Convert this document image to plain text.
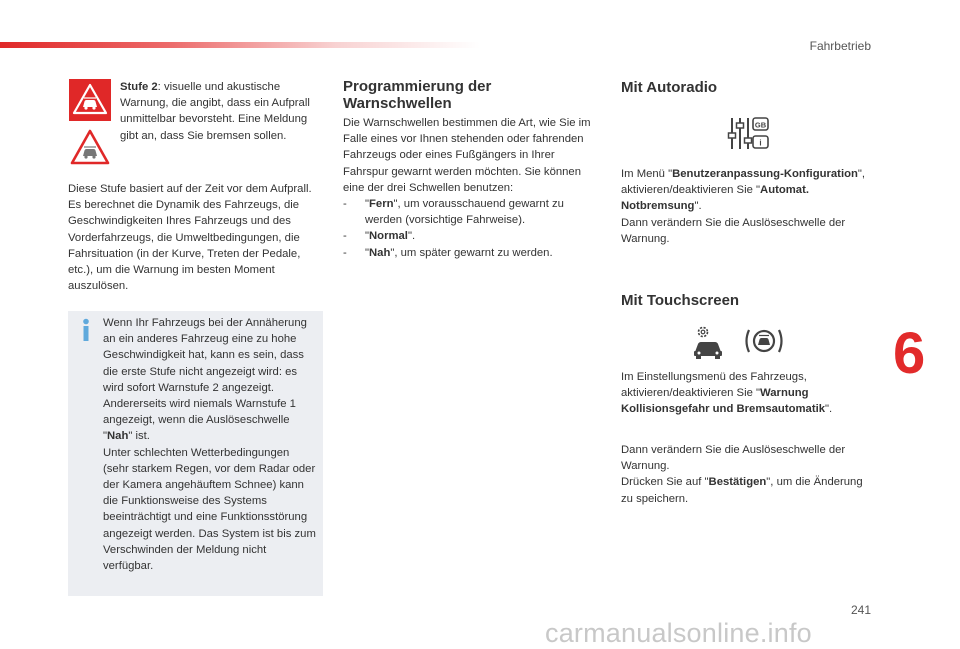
Fahrbetrieb
Stufe 2: visuelle und akustische Warnung, die angibt, dass ein Aufprall unmittelbar bevorsteht. Eine Meldung gibt an, dass Sie bremsen sollen.
Diese Stufe basiert auf der Zeit vor dem Aufprall. Es berechnet die Dynamik des Fahrzeugs, die Geschwindigkeiten Ihres Fahrzeugs und des Vorderfahrzeugs, die Umweltbedingungen, die Fahrsituation (in der Kurve, Treten der Pedale, etc.), um die Warnung im besten Moment auszulösen.
Wenn Ihr Fahrzeugs bei der Annäherung an ein anderes Fahrzeug eine zu hohe Geschwindigkeit hat, kann es sein, dass die erste Stufe nicht angezeigt wird: es wird sofort Warnstufe 2 angezeigt.
Andererseits wird niemals Warnstufe 1 angezeigt, wenn die Auslöseschwelle "Nah" ist.
Unter schlechten Wetterbedingungen (sehr starkem Regen, vor dem Radar oder der Kamera angehäuftem Schnee) kann die Funktionsweise des Systems beeinträchtigt und eine Funktionsstörung angezeigt werden. Das System ist bis zum Verschwinden der Meldung nicht verfügbar.
Programmierung der Warnschwellen
Die Warnschwellen bestimmen die Art, wie Sie im Falle eines vor Ihnen stehenden oder fahrenden Fahrzeugs oder eines Fußgängers in Ihrer Fahrspur gewarnt werden möchten. Sie können eine der drei Schwellen benutzen:
-	"Fern", um vorausschauend gewarnt zu werden (vorsichtige Fahrweise).
-	"Normal".
-	"Nah", um später gewarnt zu werden.
Mit Autoradio
GB
i
Im Menü "Benutzeranpassung-Konfiguration", aktivieren/deaktivieren Sie "Automat. Notbremsung".
Dann verändern Sie die Auslöseschwelle der Warnung.
Mit Touchscreen
Im Einstellungsmenü des Fahrzeugs, aktivieren/deaktivieren Sie "Warnung Kollisionsgefahr und Bremsautomatik".
Dann verändern Sie die Auslöseschwelle der Warnung.
Drücken Sie auf "Bestätigen", um die Änderung zu speichern.
6
241
carmanualsonline.info
